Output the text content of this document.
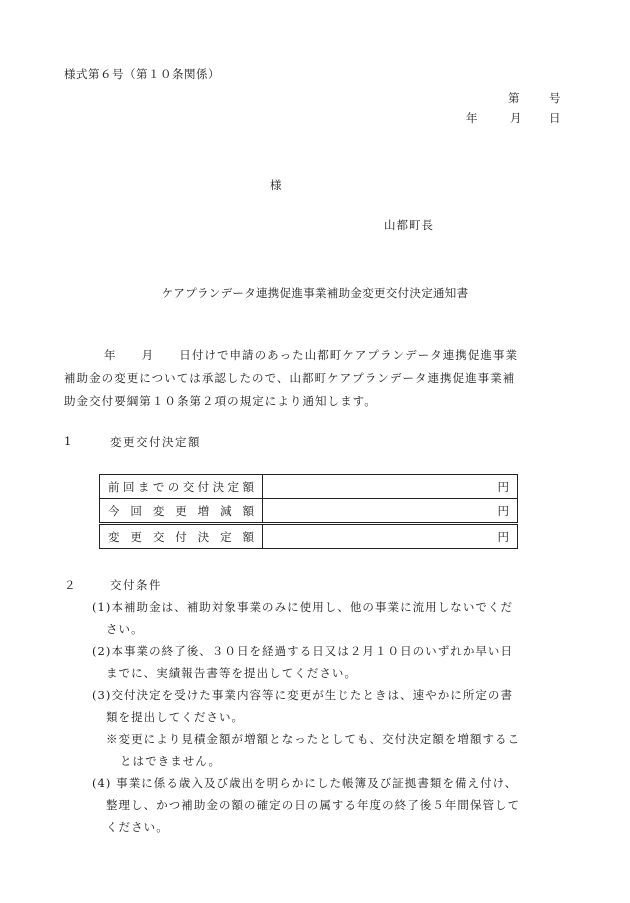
様式第６号（第１０条関係）
第	号
年	月 日
様
山都町長
ケアプランデータ連携促進事業補助金変更交付決定通知書
年　　月　　日付けで申請のあった山都町ケアプランデータ連携促進事業
補助金の変更については承認したので、山都町ケアプランデータ連携促進事業補
助金交付要綱第１０条第２項の規定により通知します。
1	変更交付決定額
前回までの交付決定額	円
今回変更増減額	円
変更交付決定額	円
２	交付条件
(1)本補助金は、補助対象事業のみに使用し、他の事業に流用しないでくだ
さい。
(2)本事業の終了後、３０日を経過する日又は２月１０日のいずれか早い日
までに、実績報告書等を提出してください。
(3)交付決定を受けた事業内容等に変更が生じたときは、速やかに所定の書
類を提出してください。
※変更により見積金額が増額となったとしても、交付決定額を増額するこ
とはできません。
(4) 事業に係る歳入及び歳出を明らかにした帳簿及び証拠書類を備え付け、
整理し、かつ補助金の額の確定の日の属する年度の終了後５年間保管して
ください。
